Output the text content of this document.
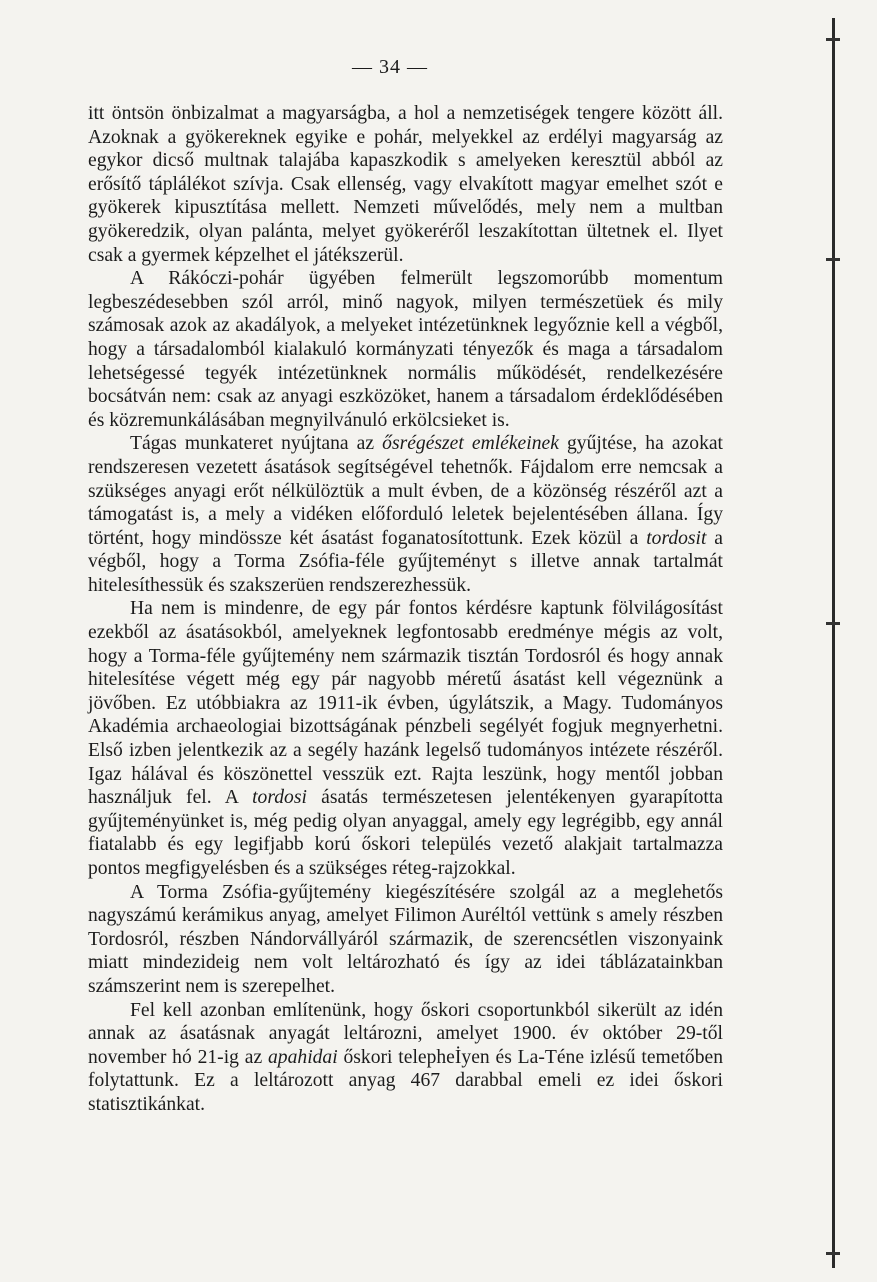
— 34 —

itt öntsön önbizalmat a magyarságba, a hol a nemzetiségek tengere között áll. Azoknak a gyökereknek egyike e pohár, melyekkel az erdélyi magyarság az egykor dicső multnak talajába kapaszkodik s amelyeken keresztül abból az erősítő táplálékot szívja. Csak ellenség, vagy elvakított magyar emelhet szót e gyökerek kipusztítása mellett. Nemzeti művelődés, mely nem a multban gyökeredzik, olyan palánta, melyet gyökeréről leszakítottan ültetnek el. Ilyet csak a gyermek képzelhet el játékszerül.

A Rákóczi-pohár ügyében felmerült legszomorúbb momentum legbeszédesebben szól arról, minő nagyok, milyen természetüek és mily számosak azok az akadályok, a melyeket intézetünknek legyőznie kell a végből, hogy a társadalomból kialakuló kormányzati tényezők és maga a társadalom lehetségessé tegyék intézetünknek normális működését, rendelkezésére bocsátván nem: csak az anyagi eszközöket, hanem a társadalom érdeklődésében és közremunkálásában megnyilvánuló erkölcsieket is.

Tágas munkateret nyújtana az ősrégészet emlékeinek gyűjtése, ha azokat rendszeresen vezetett ásatások segítségével tehetnők. Fájdalom erre nemcsak a szükséges anyagi erőt nélkülöztük a mult évben, de a közönség részéről azt a támogatást is, a mely a vidéken előforduló leletek bejelentésében állana. Így történt, hogy mindössze két ásatást foganatosítottunk. Ezek közül a tordosit a végből, hogy a Torma Zsófia-féle gyűjteményt s illetve annak tartalmát hitelesíthessük és szakszerüen rendszerezhessük.

Ha nem is mindenre, de egy pár fontos kérdésre kaptunk fölvilágosítást ezekből az ásatásokból, amelyeknek legfontosabb eredménye mégis az volt, hogy a Torma-féle gyűjtemény nem származik tisztán Tordosról és hogy annak hitelesítése végett még egy pár nagyobb méretű ásatást kell végeznünk a jövőben. Ez utóbbiakra az 1911-ik évben, úgylátszik, a Magy. Tudományos Akadémia archaeologiai bizottságának pénzbeli segélyét fogjuk megnyerhetni. Első izben jelentkezik az a segély hazánk legelső tudományos intézete részéről. Igaz hálával és köszönettel vesszük ezt. Rajta leszünk, hogy mentől jobban használjuk fel. A tordosi ásatás természetesen jelentékenyen gyarapította gyűjteményünket is, még pedig olyan anyaggal, amely egy legrégibb, egy annál fiatalabb és egy legifjabb korú őskori település vezető alakjait tartalmazza pontos megfigyelésben és a szükséges réteg-rajzokkal.

A Torma Zsófia-gyűjtemény kiegészítésére szolgál az a meglehetős nagyszámú kerámikus anyag, amelyet Filimon Auréltól vettünk s amely részben Tordosról, részben Nándorvállyáról származik, de szerencsétlen viszonyaink miatt mindezideig nem volt leltározható és így az idei táblázatainkban számszerint nem is szerepelhet.

Fel kell azonban említenünk, hogy őskori csoportunkból sikerült az idén annak az ásatásnak anyagát leltározni, amelyet 1900. év október 29-től november hó 21-ig az apahidai őskori telepheİyen és La-Téne izlésű temetőben folytattunk. Ez a leltározott anyag 467 darabbal emeli ez idei őskori statisztikánkat.
